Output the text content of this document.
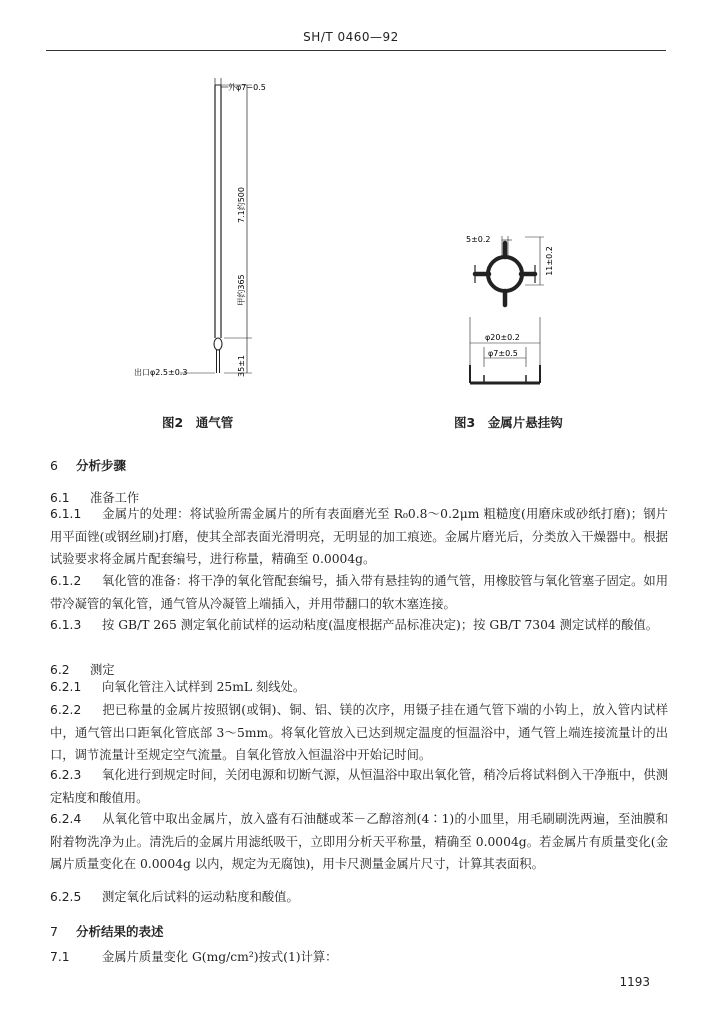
SH/T 0460—92
外φ7−0.5
7.1约500
甲约365
35±1
出口φ2.5±0.3
图2　通气管
5±0.2
11±0.2
φ20±0.2
φ7±0.5
图3　金属片悬挂钩
6 分析步骤
6.1 准备工作
6.1.1 金属片的处理：将试验所需金属片的所有表面磨光至 R₀0.8～0.2μm 粗糙度(用磨床或砂纸打磨)；钢片用平面锉(或钢丝刷)打磨，使其全部表面光滑明亮，无明显的加工痕迹。金属片磨光后，分类放入干燥器中。根据试验要求将金属片配套编号，进行称量，精确至 0.0004g。
6.1.2 氧化管的准备：将干净的氧化管配套编号，插入带有悬挂钩的通气管，用橡胶管与氧化管塞子固定。如用带冷凝管的氧化管，通气管从冷凝管上端插入，并用带翻口的软木塞连接。
6.1.3 按 GB/T 265 测定氧化前试样的运动粘度(温度根据产品标准决定)；按 GB/T 7304 测定试样的酸值。
6.2 测定
6.2.1 向氧化管注入试样到 25mL 刻线处。
6.2.2 把已称量的金属片按照钢(或铜)、铜、铝、镁的次序，用镊子挂在通气管下端的小钩上，放入管内试样中，通气管出口距氧化管底部 3～5mm。将氧化管放入已达到规定温度的恒温浴中，通气管上端连接流量计的出口，调节流量计至规定空气流量。自氧化管放入恒温浴中开始记时间。
6.2.3 氧化进行到规定时间，关闭电源和切断气源，从恒温浴中取出氧化管，稍冷后将试料倒入干净瓶中，供测定粘度和酸值用。
6.2.4 从氧化管中取出金属片，放入盛有石油醚或苯－乙醇溶剂(4∶1)的小皿里，用毛刷刷洗两遍，至油膜和附着物洗净为止。清洗后的金属片用滤纸吸干，立即用分析天平称量，精确至 0.0004g。若金属片有质量变化(金属片质量变化在 0.0004g 以内，规定为无腐蚀)，用卡尺测量金属片尺寸，计算其表面积。
6.2.5 测定氧化后试料的运动粘度和酸值。
7 分析结果的表述
7.1	金属片质量变化 G(mg/cm²)按式(1)计算：
1193
